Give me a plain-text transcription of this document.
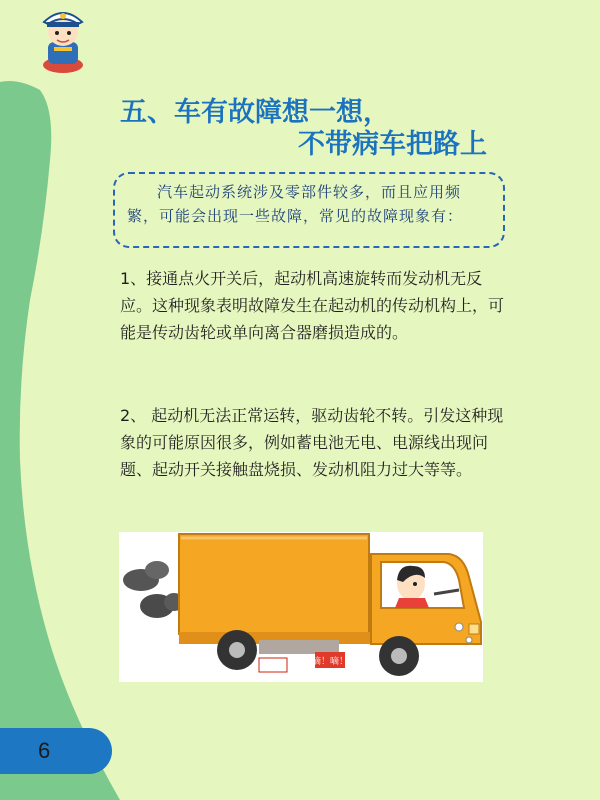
6
五、车有故障想一想，
不带病车把路上
汽车起动系统涉及零部件较多，而且应用频繁，可能会出现一些故障，常见的故障现象有：
1、接通点火开关后，起动机高速旋转而发动机无反应。这种现象表明故障发生在起动机的传动机构上，可能是传动齿轮或单向离合器磨损造成的。
2、 起动机无法正常运转，驱动齿轮不转。引发这种现象的可能原因很多，例如蓄电池无电、电源线出现问题、起动开关接触盘烧损、发动机阻力过大等等。
嘀！嘀！
